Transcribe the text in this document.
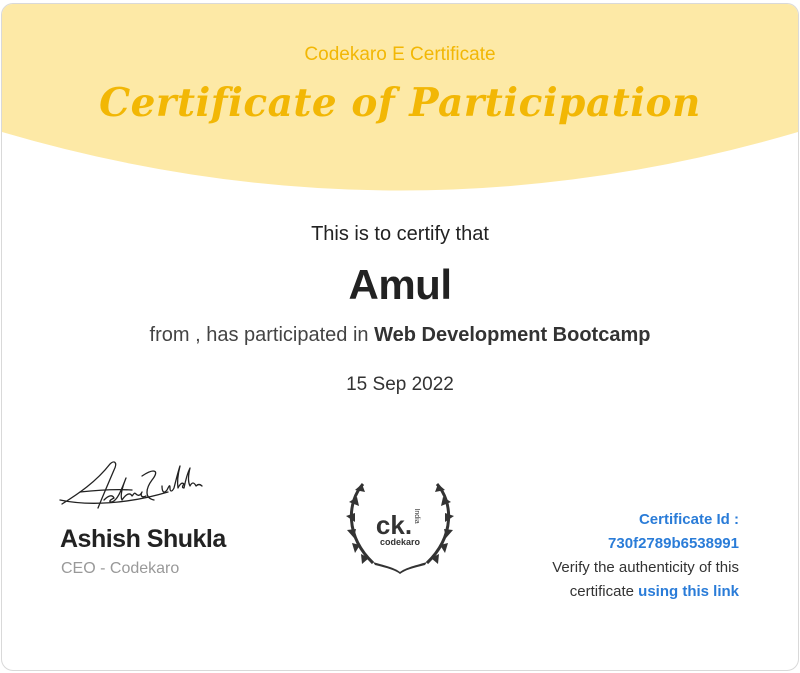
Codekaro E Certificate
Certificate of Participation
This is to certify that
Amul
from , has participated in Web Development Bootcamp
15 Sep 2022
Ashish Shukla
CEO - Codekaro
ck. India
codekaro
Certificate Id :
730f2789b6538991
Verify the authenticity of this certificate using this link
